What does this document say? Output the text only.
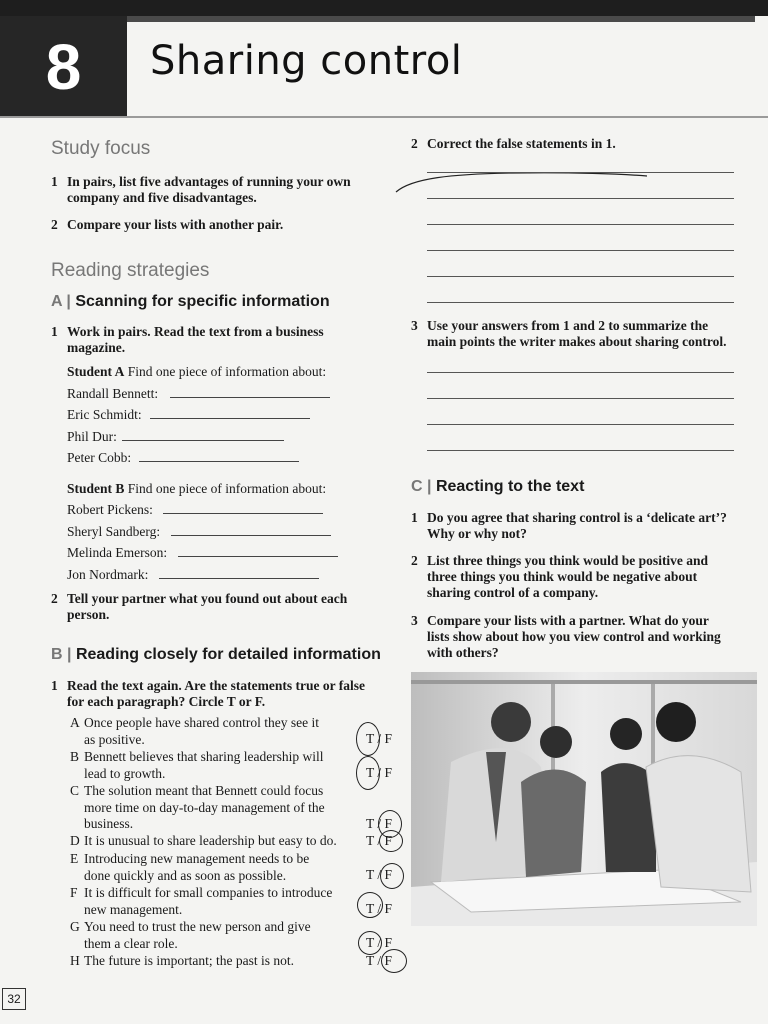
8	Sharing control
Study focus
1 In pairs, list five advantages of running your own
company and five disadvantages.
2 Compare your lists with another pair.
Reading strategies
A | Scanning for specific information
1 Work in pairs. Read the text from a business
magazine.
Student A Find one piece of information about:
Randall Bennett:
Eric Schmidt:
Phil Dur:
Peter Cobb:
Student B Find one piece of information about:
Robert Pickens:
Sheryl Sandberg:
Melinda Emerson:
Jon Nordmark:
2 Tell your partner what you found out about each
person.
B | Reading closely for detailed information
1 Read the text again. Are the statements true or false
for each paragraph? Circle T or F.
A Once people have shared control they see it
as positive.	T / F
B Bennett believes that sharing leadership will
lead to growth.	T / F
C The solution meant that Bennett could focus
more time on day-to-day management of the
business.	T / F
D It is unusual to share leadership but easy to do.	T / F
E Introducing new management needs to be
done quickly and as soon as possible.	T / F
F It is difficult for small companies to introduce
new management.	T / F
G You need to trust the new person and give
them a clear role.	T / F
H The future is important; the past is not.	T / F
2 Correct the false statements in 1.
3 Use your answers from 1 and 2 to summarize the
main points the writer makes about sharing control.
C | Reacting to the text
1 Do you agree that sharing control is a ‘delicate art’?
Why or why not?
2 List three things you think would be positive and
three things you think would be negative about
sharing control of a company.
3 Compare your lists with a partner. What do your
lists show about how you view control and working
with others?
32
